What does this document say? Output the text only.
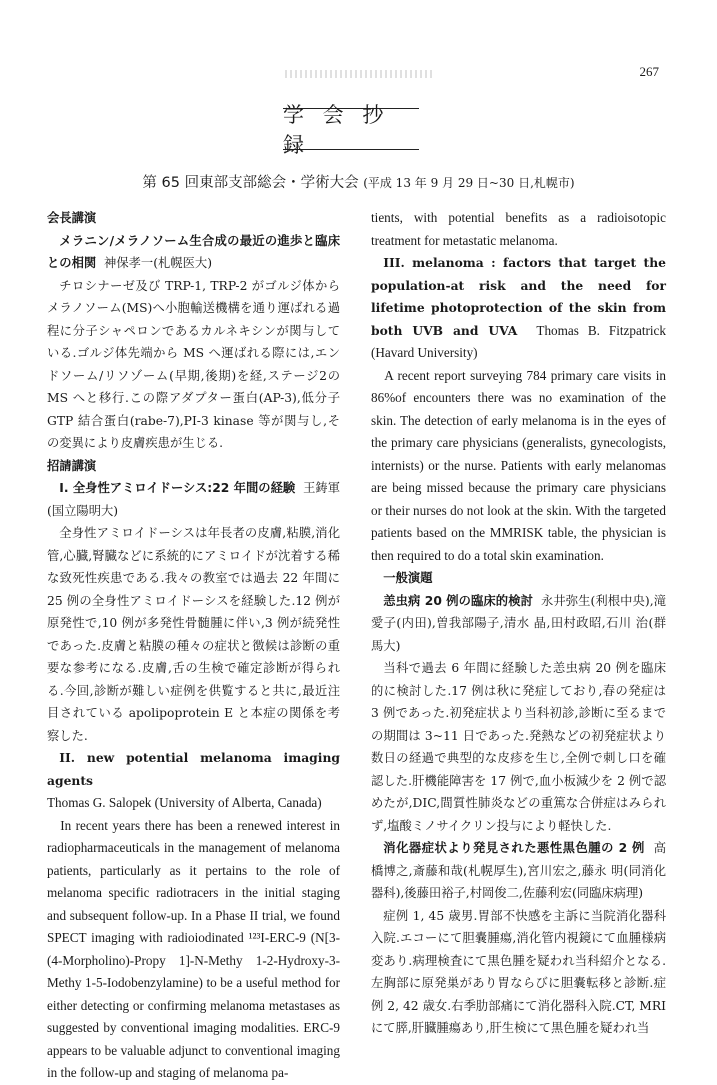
267
学 会 抄 録
第 65 回東部支部総会・学術大会 (平成 13 年 9 月 29 日~30 日,札幌市)

会長講演

メラニン/メラノソーム生合成の最近の進歩と臨床との相関 神保孝一(札幌医大)

チロシナーゼ及び TRP-1, TRP-2 がゴルジ体からメラノソーム(MS)へ小胞輸送機構を通り運ばれる過程に分子シャペロンであるカルネキシンが関与している.ゴルジ体先端から MS へ運ばれる際には,エンドソーム/リソゾーム(早期,後期)を経,ステージ2の MS へと移行.この際アダプター蛋白(AP-3),低分子 GTP 結合蛋白(rabe-7),PI-3 kinase 等が関与し,その変異により皮膚疾患が生じる.

招請講演

I. 全身性アミロイドーシス:22 年間の経験 王鋳軍(国立陽明大)

全身性アミロイドーシスは年長者の皮膚,粘膜,消化管,心臓,腎臓などに系統的にアミロイドが沈着する稀な致死性疾患である.我々の教室では過去 22 年間に 25 例の全身性アミロイドーシスを経験した.12 例が原発性で,10 例が多発性骨髄腫に伴い,3 例が続発性であった.皮膚と粘膜の種々の症状と徴候は診断の重要な参考になる.皮膚,舌の生検で確定診断が得られる.今回,診断が難しい症例を供覧すると共に,最近注目されている apolipoprotein E と本症の関係を考察した.

II. new potential melanoma imaging agents

Thomas G. Salopek (University of Alberta, Canada)

In recent years there has been a renewed interest in radiopharmaceuticals in the management of melanoma patients, particularly as it pertains to the role of melanoma specific radiotracers in the initial staging and subsequent follow-up. In a Phase II trial, we found SPECT imaging with radioiodinated ¹²³I-ERC-9 (N[3-(4-Morpholino)-Propy 1]-N-Methy 1-2-Hydroxy-3-Methy 1-5-Iodobenzylamine) to be a useful method for either detecting or confirming melanoma metastases as suggested by conventional imaging modalities. ERC-9 appears to be valuable adjunct to conventional imaging in the follow-up and staging of melanoma pa-

tients, with potential benefits as a radioisotopic treatment for metastatic melanoma.

III. melanoma : factors that target the population-at risk and the need for lifetime photoprotection of the skin from both UVB and UVA Thomas B. Fitzpatrick (Havard University)

A recent report surveying 784 primary care visits in 86%of encounters there was no examination of the skin. The detection of early melanoma is in the eyes of the primary care physicians (generalists, gynecologists, internists) or the nurse. Patients with early melanomas are being missed because the primary care physicians or their nurses do not look at the skin. With the targeted patients based on the MMRISK table, the physician is then required to do a total skin examination.

一般演題

恙虫病 20 例の臨床的検討 永井弥生(利根中央),滝 愛子(内田),曽我部陽子,清水 晶,田村政昭,石川 治(群馬大)

当科で過去 6 年間に経験した恙虫病 20 例を臨床的に検討した.17 例は秋に発症しており,春の発症は 3 例であった.初発症状より当科初診,診断に至るまでの期間は 3~11 日であった.発熱などの初発症状より数日の経過で典型的な皮疹を生じ,全例で刺し口を確認した.肝機能障害を 17 例で,血小板減少を 2 例で認めたが,DIC,間質性肺炎などの重篤な合併症はみられず,塩酸ミノサイクリン投与により軽快した.

消化器症状より発見された悪性黒色腫の 2 例 高橋博之,斎藤和哉(札幌厚生),宮川宏之,藤永 明(同消化器科),後藤田裕子,村岡俊二,佐藤利宏(同臨床病理)

症例 1, 45 歳男.胃部不快感を主訴に当院消化器科入院.エコーにて胆嚢腫瘍,消化管内視鏡にて血腫様病変あり.病理検査にて黒色腫を疑われ当科紹介となる.左胸部に原発巣があり胃ならびに胆嚢転移と診断.症例 2, 42 歳女.右季肋部痛にて消化器科入院.CT, MRI にて膵,肝臓腫瘍あり,肝生検にて黒色腫を疑われ当
